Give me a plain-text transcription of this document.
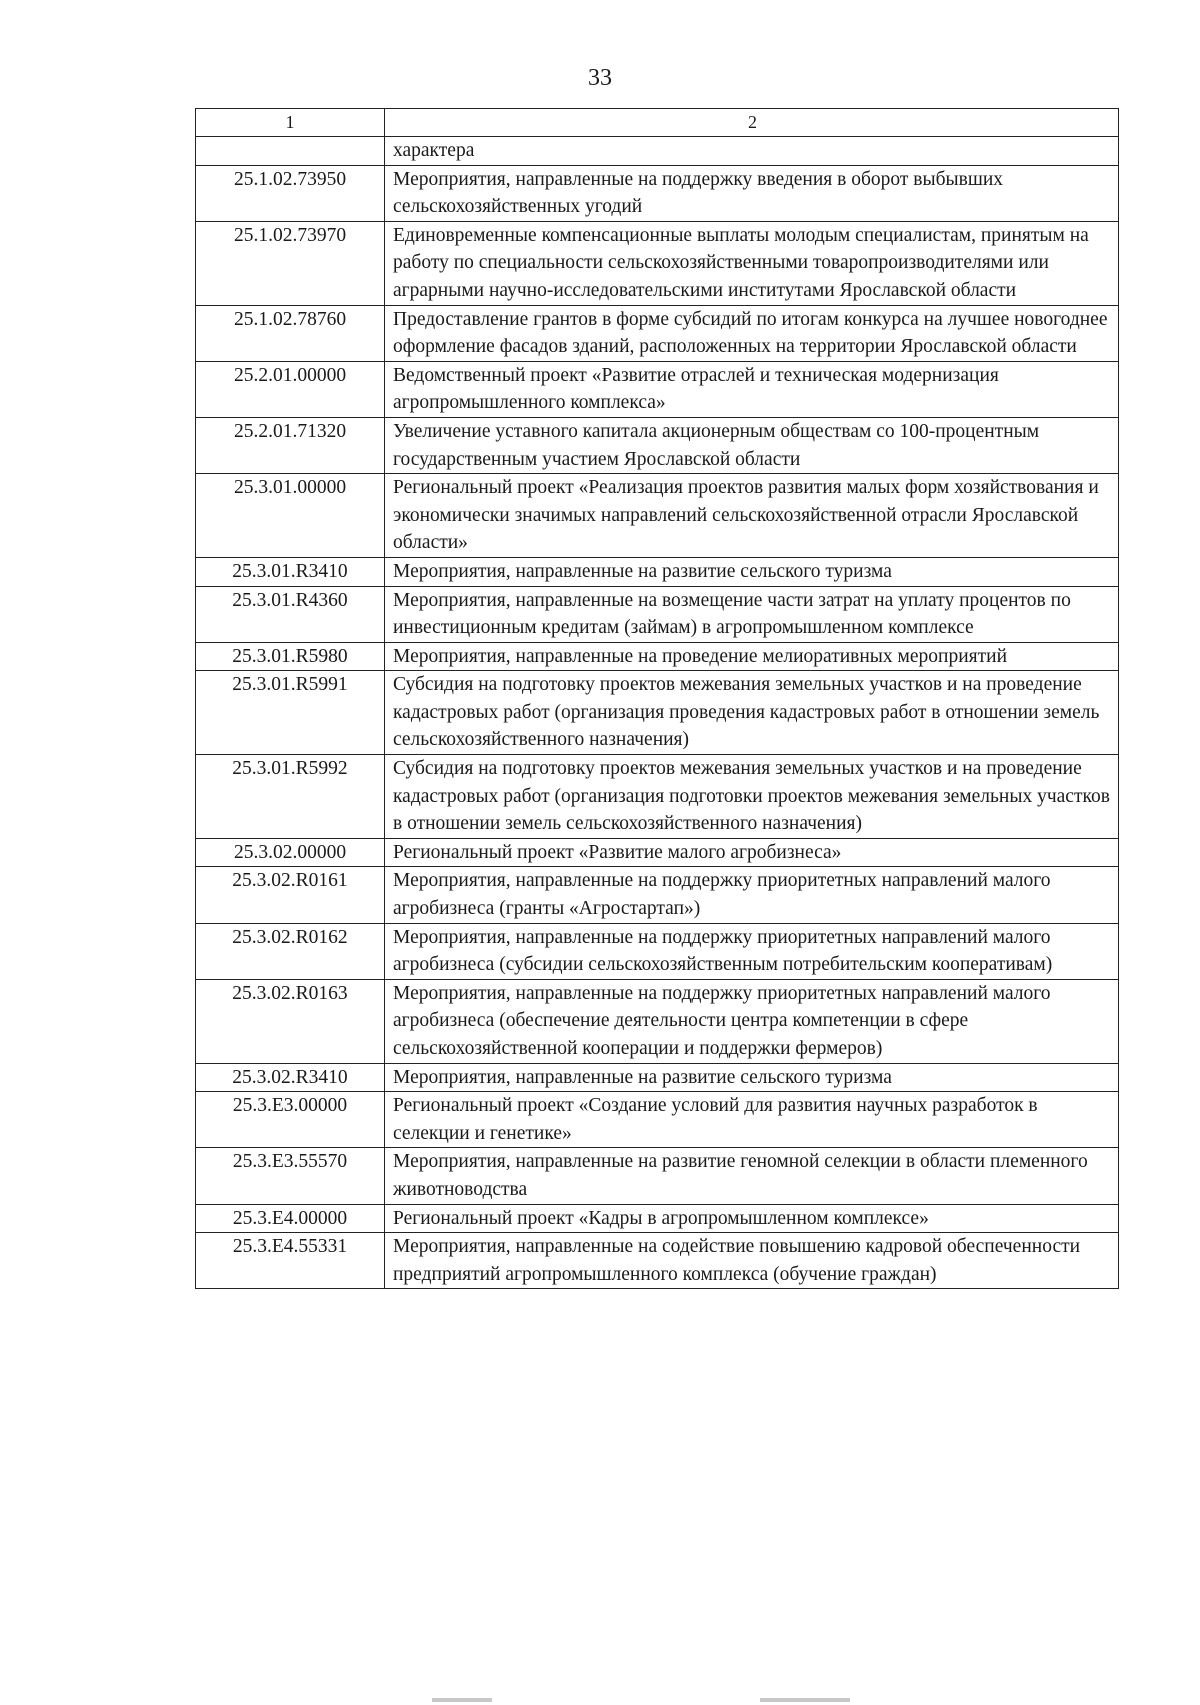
33
1	2
	характера
25.1.02.73950	Мероприятия, направленные на поддержку введения в оборот выбывших сельскохозяйственных угодий
25.1.02.73970	Единовременные компенсационные выплаты молодым специалистам, принятым на работу по специальности сельскохозяйственными товаропроизводителями или аграрными научно-исследовательскими институтами Ярославской области
25.1.02.78760	Предоставление грантов в форме субсидий по итогам конкурса на лучшее новогоднее оформление фасадов зданий, расположенных на территории Ярославской области
25.2.01.00000	Ведомственный проект «Развитие отраслей и техническая модернизация агропромышленного комплекса»
25.2.01.71320	Увеличение уставного капитала акционерным обществам со 100-процентным государственным участием Ярославской области
25.3.01.00000	Региональный проект «Реализация проектов развития малых форм хозяйствования и экономически значимых направлений сельскохозяйственной отрасли Ярославской области»
25.3.01.R3410	Мероприятия, направленные на развитие сельского туризма
25.3.01.R4360	Мероприятия, направленные на возмещение части затрат на уплату процентов по инвестиционным кредитам (займам) в агропромышленном комплексе
25.3.01.R5980	Мероприятия, направленные на проведение мелиоративных мероприятий
25.3.01.R5991	Субсидия на подготовку проектов межевания земельных участков и на проведение кадастровых работ (организация проведения кадастровых работ в отношении земель сельскохозяйственного назначения)
25.3.01.R5992	Субсидия на подготовку проектов межевания земельных участков и на проведение кадастровых работ (организация подготовки проектов межевания земельных участков в отношении земель сельскохозяйственного назначения)
25.3.02.00000	Региональный проект «Развитие малого агробизнеса»
25.3.02.R0161	Мероприятия, направленные на поддержку приоритетных направлений малого агробизнеса (гранты «Агростартап»)
25.3.02.R0162	Мероприятия, направленные на поддержку приоритетных направлений малого агробизнеса (субсидии сельскохозяйственным потребительским кооперативам)
25.3.02.R0163	Мероприятия, направленные на поддержку приоритетных направлений малого агробизнеса (обеспечение деятельности центра компетенции в сфере сельскохозяйственной кооперации и поддержки фермеров)
25.3.02.R3410	Мероприятия, направленные на развитие сельского туризма
25.3.E3.00000	Региональный проект «Создание условий для развития научных разработок в селекции и генетике»
25.3.E3.55570	Мероприятия, направленные на развитие геномной селекции в области племенного животноводства
25.3.E4.00000	Региональный проект «Кадры в агропромышленном комплексе»
25.3.E4.55331	Мероприятия, направленные на содействие повышению кадровой обеспеченности предприятий агропромышленного комплекса (обучение граждан)
